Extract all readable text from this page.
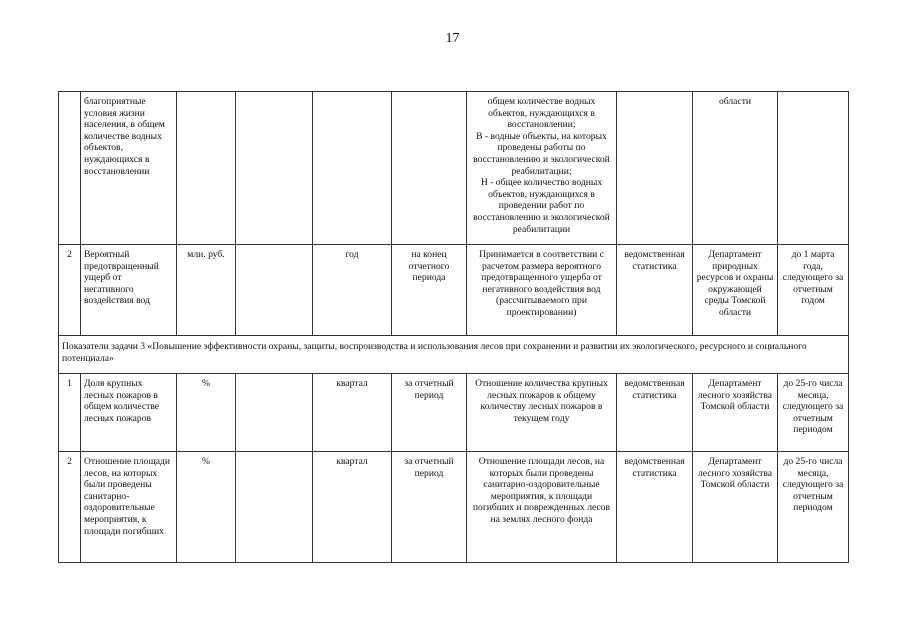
17
	благоприятные условия жизни населения, в общем количестве водных объектов, нуждающихся в восстановлении					общем количестве водных объектов, нуждающихся в восстановлении;
В - водные объекты, на которых проведены работы по восстановлению и экологической реабилитации;
Н - общее количество водных объектов, нуждающихся в проведении работ по восстановлению и экологической реабилитации		области	
2	Вероятный предотвращенный ущерб от негативного воздействия вод	млн. руб.		год	на конец отчетного периода	Принимается в соответствии с расчетом размера вероятного предотвращенного ущерба от негативного воздействия вод (рассчитываемого при проектировании)	ведомственная статистика	Департамент природных ресурсов и охраны окружающей среды Томской области	до 1 марта года, следующего за отчетным годом
Показатели задачи 3 «Повышение эффективности охраны, защиты, воспроизводства и использования лесов при сохранении и развитии их экологического, ресурсного и социального потенциала»									
1	Доля крупных лесных пожаров в общем количестве лесных пожаров	%		квартал	за отчетный период	Отношение количества крупных лесных пожаров к общему количеству лесных пожаров в текущем году	ведомственная статистика	Департамент лесного хозяйства Томской области	до 25-го числа месяца, следующего за отчетным периодом
2	Отношение площади лесов, на которых были проведены санитарно-оздоровительные мероприятия, к площади погибших	%		квартал	за отчетный период	Отношение площади лесов, на которых были проведены санитарно-оздоровительные мероприятия, к площади погибших и поврежденных лесов на землях лесного фонда	ведомственная статистика	Департамент лесного хозяйства Томской области	до 25-го числа месяца, следующего за отчетным периодом
